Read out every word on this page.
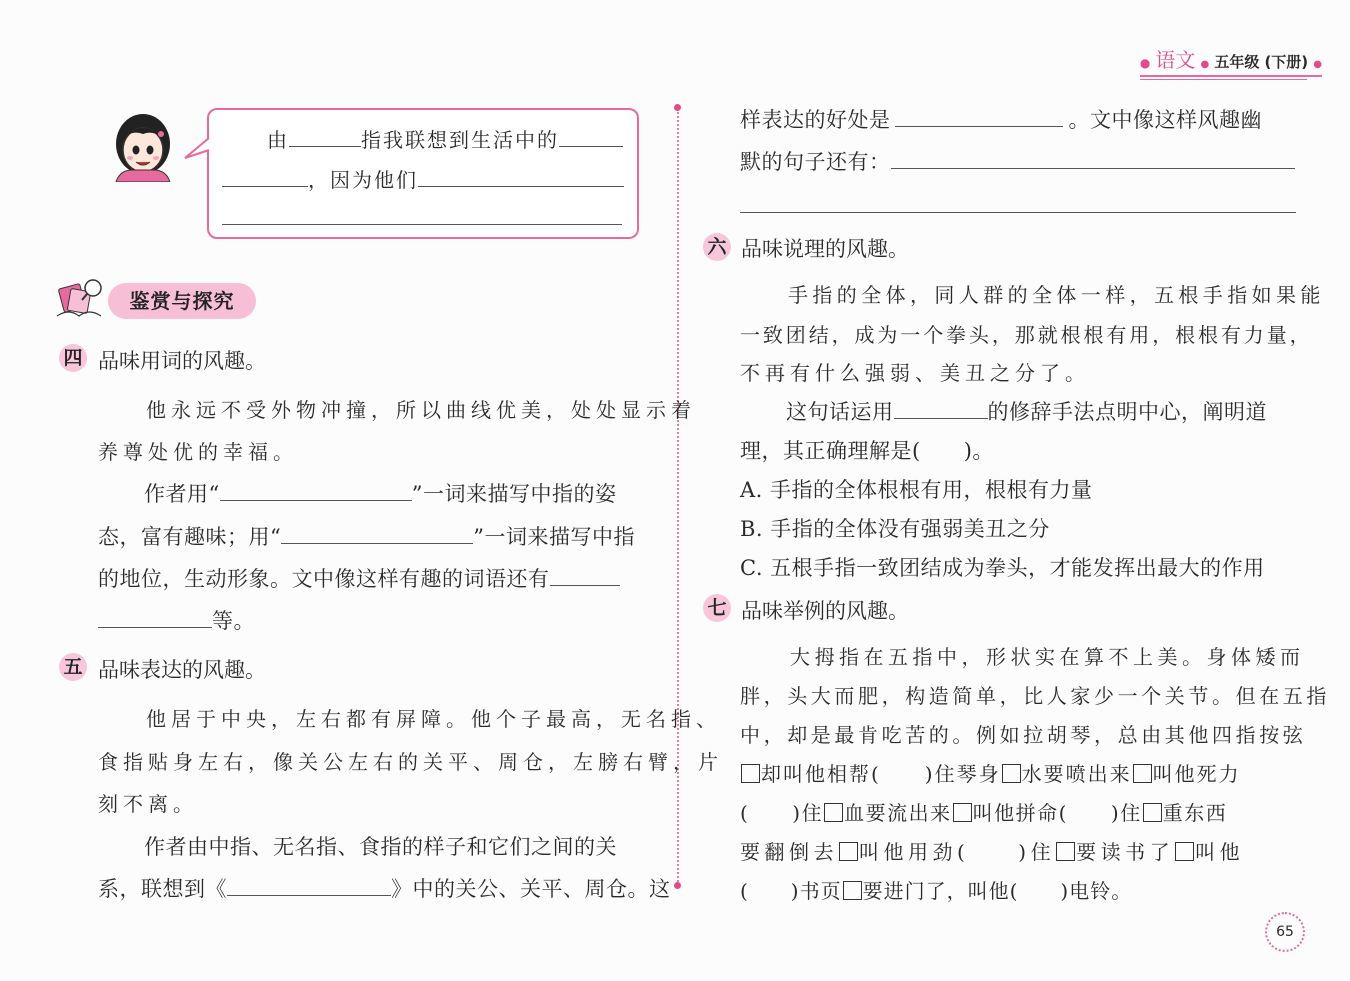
● 语文 ● 五年级 (下册) ●
由	指我联想到生活中的
，因为他们
鉴赏与探究
四 品味用词的风趣。
他永远不受外物冲撞，所以曲线优美，处处显示着
养尊处优的幸福。
作者用“	”一词来描写中指的姿
态，富有趣味；用“	”一词来描写中指
的地位，生动形象。文中像这样有趣的词语还有
等。
五 品味表达的风趣。
他居于中央，左右都有屏障。他个子最高，无名指、
食指贴身左右，像关公左右的关平、周仓，左膀右臂，片
刻不离。
作者由中指、无名指、食指的样子和它们之间的关
系，联想到《	》中的关公、关平、周仓。这
样表达的好处是	。文中像这样风趣幽
默的句子还有：
六 品味说理的风趣。
手指的全体，同人群的全体一样，五根手指如果能
一致团结，成为一个拳头，那就根根有用，根根有力量，
不再有什么强弱、美丑之分了。
这句话运用	的修辞手法点明中心，阐明道
理，其正确理解是(　　)。
A. 手指的全体根根有用，根根有力量
B. 手指的全体没有强弱美丑之分
C. 五根手指一致团结成为拳头，才能发挥出最大的作用
七 品味举例的风趣。
大拇指在五指中，形状实在算不上美。身体矮而
胖，头大而肥，构造简单，比人家少一个关节。但在五指
中，却是最肯吃苦的。例如拉胡琴，总由其他四指按弦
却叫他相帮(　　)住琴身 水要喷出来 叫他死力
(　　)住 血要流出来 叫他拼命(　　)住 重东西
要翻倒去 叫他用劲(　　)住 要读书了 叫他
(　　)书页 要进门了，叫他(　　)电铃。
65
